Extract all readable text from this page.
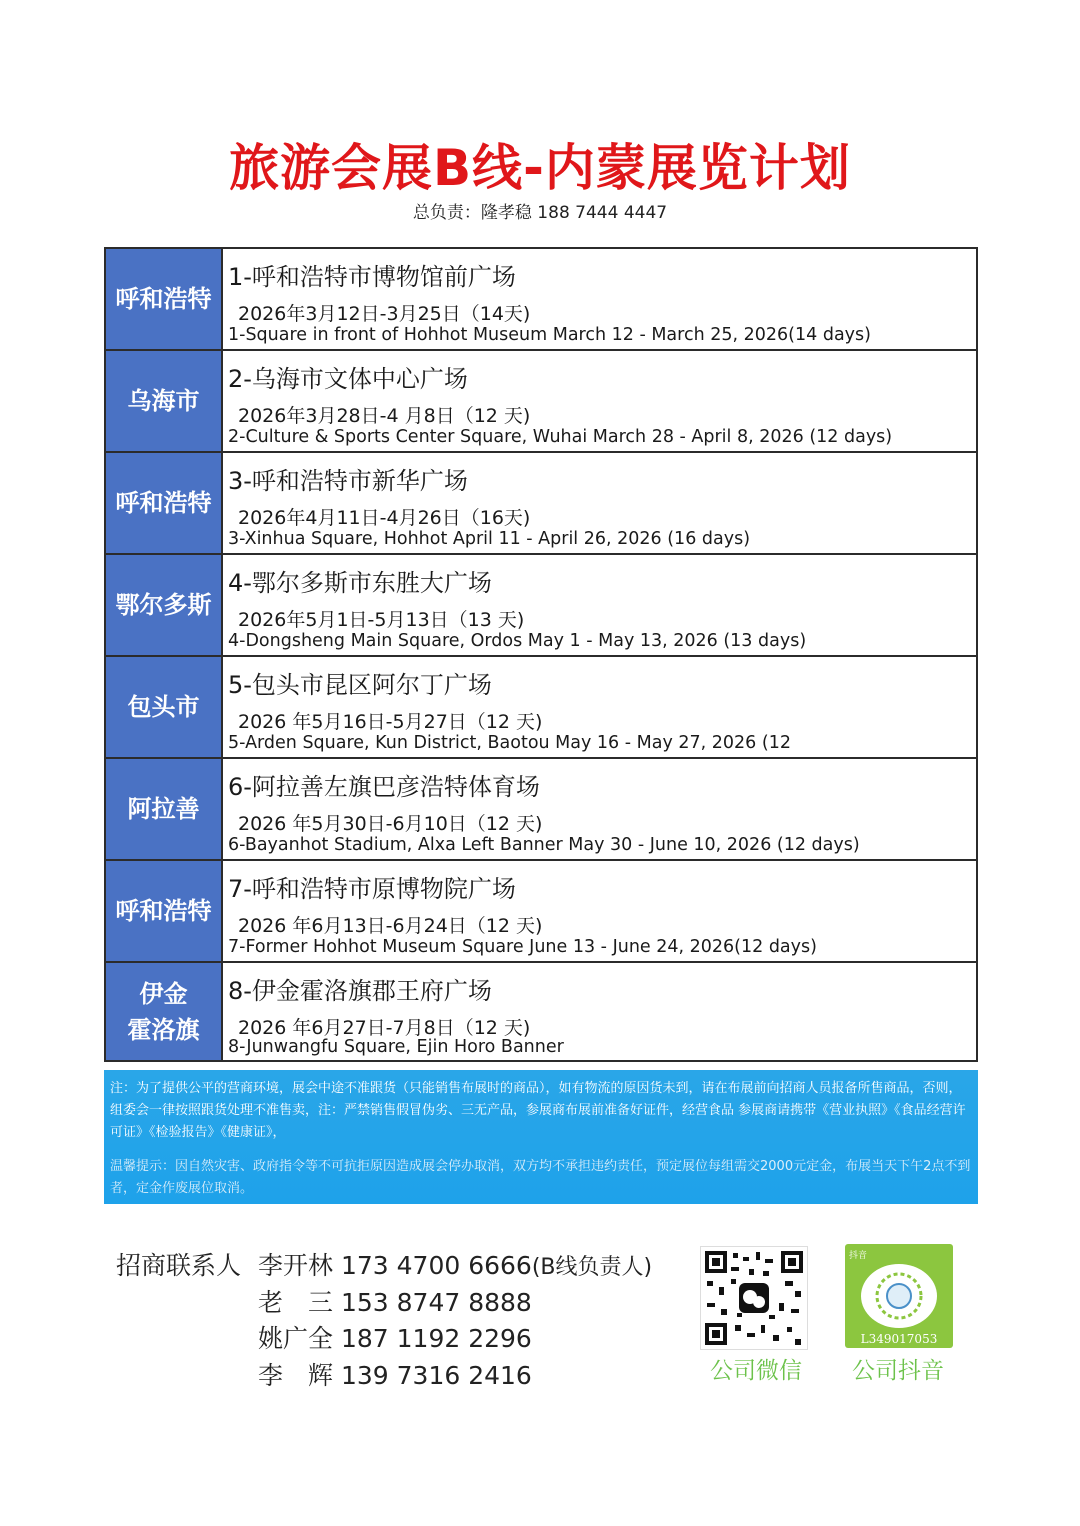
旅游会展B线-内蒙展览计划
总负责：隆孝稳 188 7444 4447
呼和浩特
1-呼和浩特市博物馆前广场
2026年3月12日-3月25日（14天)
1-Square in front of Hohhot Museum March 12 - March 25, 2026(14 days)
乌海市
2-乌海市文体中心广场
2026年3月28日-4 月8日（12 天)
2-Culture & Sports Center Square, Wuhai March 28 - April 8, 2026 (12 days)
呼和浩特
3-呼和浩特市新华广场
2026年4月11日-4月26日（16天)
3-Xinhua Square, Hohhot April 11 - April 26, 2026 (16 days)
鄂尔多斯
4-鄂尔多斯市东胜大广场
2026年5月1日-5月13日（13 天)
4-Dongsheng Main Square, Ordos May 1 - May 13, 2026 (13 days)
包头市
5-包头市昆区阿尔丁广场
2026 年5月16日-5月27日（12 天)
5-Arden Square, Kun District, Baotou May 16 - May 27, 2026 (12
阿拉善
6-阿拉善左旗巴彦浩特体育场
2026 年5月30日-6月10日（12 天)
6-Bayanhot Stadium, Alxa Left Banner May 30 - June 10, 2026 (12 days)
呼和浩特
7-呼和浩特市原博物院广场
2026 年6月13日-6月24日（12 天)
7-Former Hohhot Museum Square June 13 - June 24, 2026(12 days)
伊金
霍洛旗
8-伊金霍洛旗郡王府广场
2026 年6月27日-7月8日（12 天)
8-Junwangfu Square, Ejin Horo Banner

注：为了提供公平的营商环境，展会中途不准跟货（只能销售布展时的商品），如有物流的原因货未到，请在布展前向招商人员报备所售商品，否则，组委会一律按照跟货处理不准售卖，注：严禁销售假冒伪劣、三无产品，参展商布展前准备好证件，经营食品 参展商请携带《营业执照》《食品经营许可证》《检验报告》《健康证》，

温馨提示：因自然灾害、政府指令等不可抗拒原因造成展会停办取消，双方均不承担违约责任，预定展位每组需交2000元定金，布展当天下午2点不到者，定金作废展位取消。

招商联系人 李开林 173 4700 6666(B线负责人)
老　三 153 8747 8888
姚广全 187 1192 2296
李　辉 139 7316 2416	公司微信
抖音
L349017053
公司抖音
